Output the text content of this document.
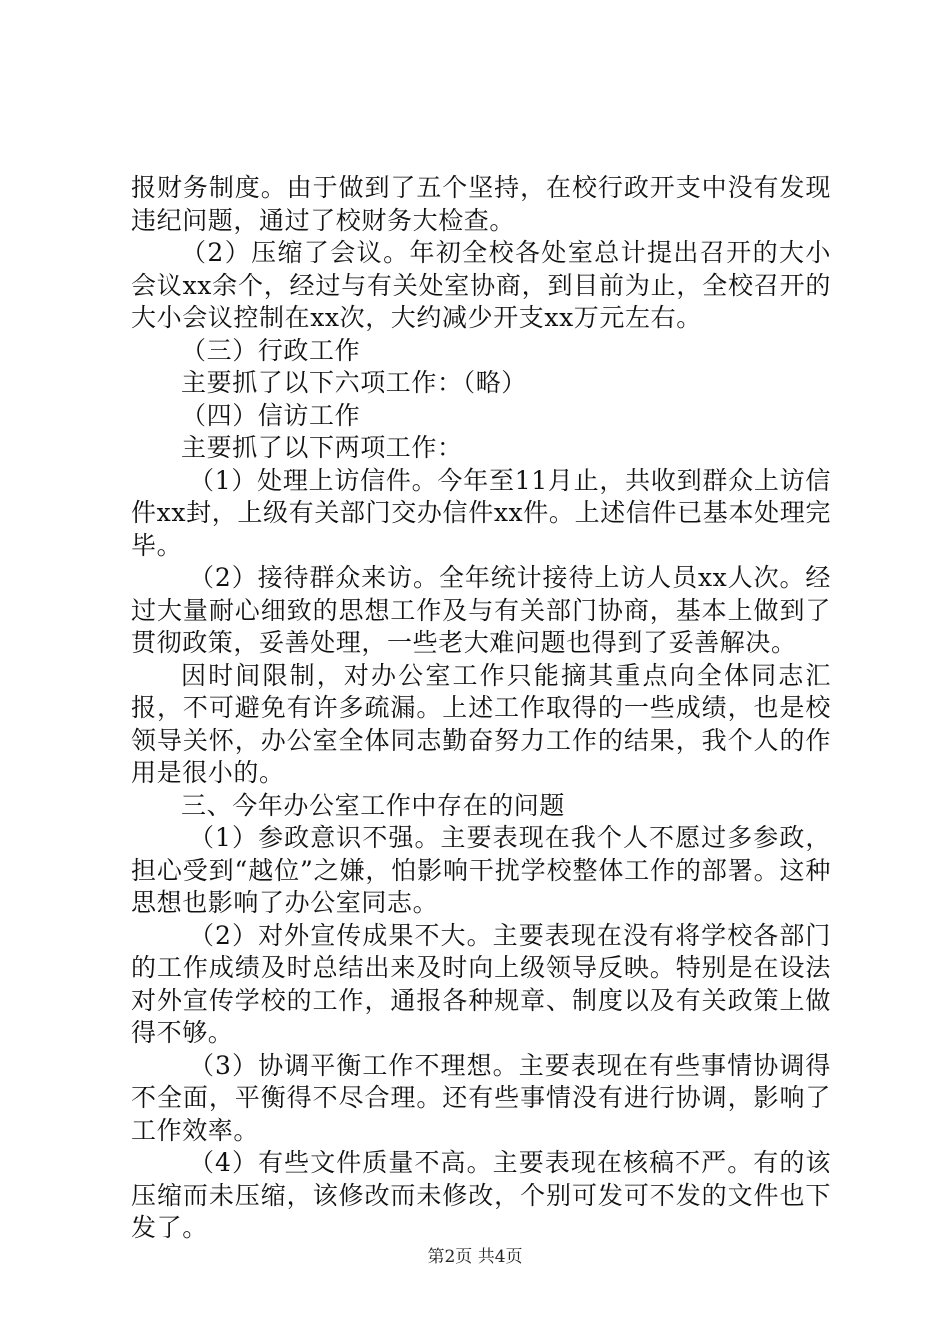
报财务制度。由于做到了五个坚持，在校行政开支中没有发现违纪问题，通过了校财务大检查。

（2）压缩了会议。年初全校各处室总计提出召开的大小会议xx余个，经过与有关处室协商，到目前为止，全校召开的大小会议控制在xx次，大约减少开支xx万元左右。

（三）行政工作

主要抓了以下六项工作：（略）

（四）信访工作

主要抓了以下两项工作：

（1）处理上访信件。今年至11月止，共收到群众上访信件xx封，上级有关部门交办信件xx件。上述信件已基本处理完毕。

（2）接待群众来访。全年统计接待上访人员xx人次。经过大量耐心细致的思想工作及与有关部门协商，基本上做到了贯彻政策，妥善处理，一些老大难问题也得到了妥善解决。

因时间限制，对办公室工作只能摘其重点向全体同志汇报，不可避免有许多疏漏。上述工作取得的一些成绩，也是校领导关怀，办公室全体同志勤奋努力工作的结果，我个人的作用是很小的。

三、今年办公室工作中存在的问题

（1）参政意识不强。主要表现在我个人不愿过多参政，担心受到“越位”之嫌，怕影响干扰学校整体工作的部署。这种思想也影响了办公室同志。

（2）对外宣传成果不大。主要表现在没有将学校各部门的工作成绩及时总结出来及时向上级领导反映。特别是在设法对外宣传学校的工作，通报各种规章、制度以及有关政策上做得不够。

（3）协调平衡工作不理想。主要表现在有些事情协调得不全面，平衡得不尽合理。还有些事情没有进行协调，影响了工作效率。

（4）有些文件质量不高。主要表现在核稿不严。有的该压缩而未压缩，该修改而未修改，个别可发可不发的文件也下发了。

第2页 共4页
